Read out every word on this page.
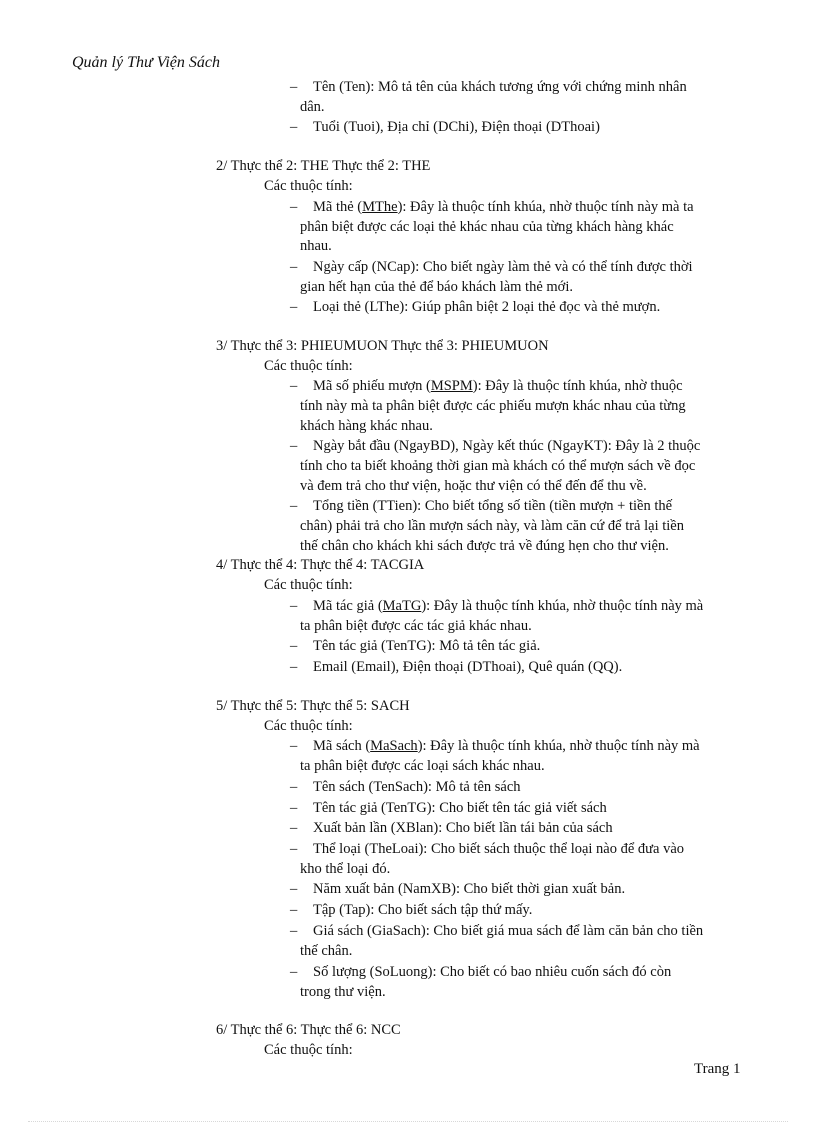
Quản lý Thư Viện Sách
– Tên (Ten): Mô tả tên của khách tương ứng với chứng minh nhân
dân.
– Tuổi (Tuoi), Địa chỉ (DChi), Điện thoại (DThoai)
2/ Thực thể 2: THE Thực thể 2: THE
Các thuộc tính:
– Mã thẻ (MThe): Đây là thuộc tính khúa, nhờ thuộc tính này mà ta
phân biệt được các loại thẻ khác nhau của từng khách hàng khác
nhau.
– Ngày cấp (NCap): Cho biết ngày làm thẻ và có thể tính được thời
gian hết hạn của thẻ để báo khách làm thẻ mới.
– Loại thẻ (LThe): Giúp phân biệt 2 loại thẻ đọc và thẻ mượn.
3/ Thực thể 3: PHIEUMUON Thực thể 3: PHIEUMUON
Các thuộc tính:
– Mã số phiếu mượn (MSPM): Đây là thuộc tính khúa, nhờ thuộc
tính này mà ta phân biệt được các phiếu mượn khác nhau của từng
khách hàng khác nhau.
– Ngày bắt đầu (NgayBD), Ngày kết thúc (NgayKT): Đây là 2 thuộc
tính cho ta biết khoảng thời gian mà khách có thể mượn sách về đọc
và đem trả cho thư viện, hoặc thư viện có thể đến để thu về.
– Tổng tiền (TTien): Cho biết tổng số tiền (tiền mượn + tiền thế
chân) phải trả cho lần mượn sách này, và làm căn cứ để trả lại tiền
thế chân cho khách khi sách được trả về đúng hẹn cho thư viện.
4/ Thực thể 4: Thực thể 4: TACGIA
Các thuộc tính:
– Mã tác giả (MaTG): Đây là thuộc tính khúa, nhờ thuộc tính này mà
ta phân biệt được các tác giả khác nhau.
– Tên tác giả (TenTG): Mô tả tên tác giả.
– Email (Email), Điện thoại (DThoai), Quê quán (QQ).
5/ Thực thể 5: Thực thể 5: SACH
Các thuộc tính:
– Mã sách (MaSach): Đây là thuộc tính khúa, nhờ thuộc tính này mà
ta phân biệt được các loại sách khác nhau.
– Tên sách (TenSach): Mô tả tên sách
– Tên tác giả (TenTG): Cho biết tên tác giả viết sách
– Xuất bản lần (XBlan): Cho biết lần tái bản của sách
– Thể loại (TheLoai): Cho biết sách thuộc thể loại nào để đưa vào
kho thể loại đó.
– Năm xuất bản (NamXB): Cho biết thời gian xuất bản.
– Tập (Tap): Cho biết sách tập thứ mấy.
– Giá sách (GiaSach): Cho biết giá mua sách để làm căn bản cho tiền
thế chân.
– Số lượng (SoLuong): Cho biết có bao nhiêu cuốn sách đó còn
trong thư viện.
6/ Thực thể 6: Thực thể 6: NCC
Các thuộc tính:
Trang 1
